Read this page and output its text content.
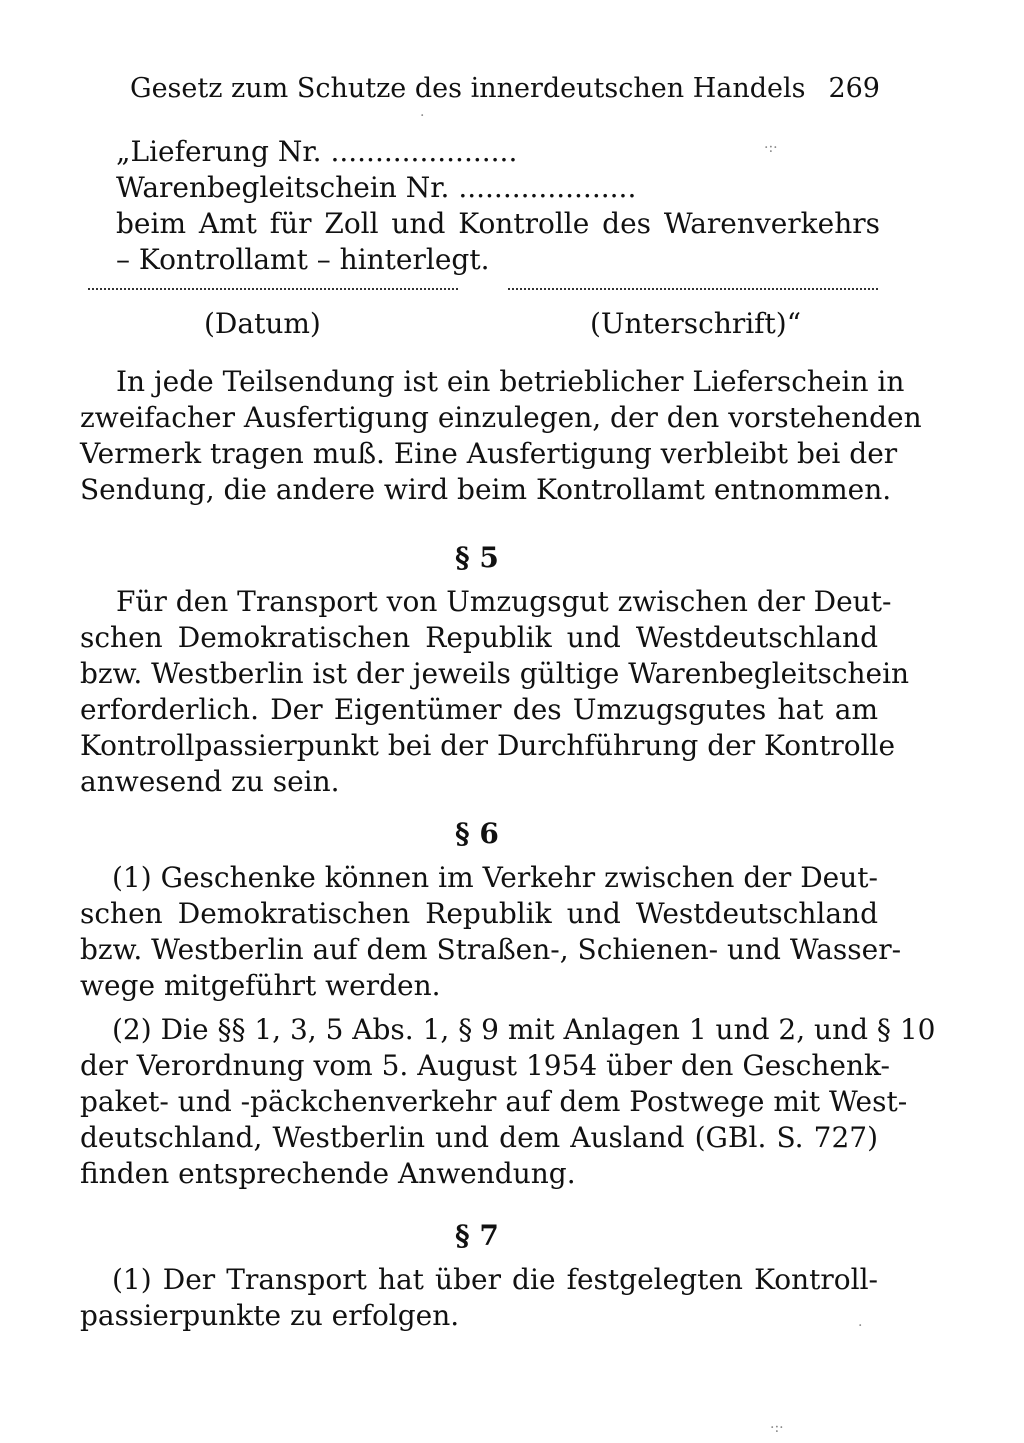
Gesetz zum Schutze des innerdeutschen Handels 269
„Lieferung Nr. .....................
Warenbegleitschein Nr. ....................
beim Amt für Zoll und Kontrolle des Warenverkehrs
– Kontrollamt – hinterlegt.
(Datum)	(Unterschrift)“
In jede Teilsendung ist ein betrieblicher Lieferschein in
zweifacher Ausfertigung einzulegen, der den vorstehenden
Vermerk tragen muß. Eine Ausfertigung verbleibt bei der
Sendung, die andere wird beim Kontrollamt entnommen.
§ 5
Für den Transport von Umzugsgut zwischen der Deut-
schen Demokratischen Republik und Westdeutschland
bzw. Westberlin ist der jeweils gültige Warenbegleitschein
erforderlich. Der Eigentümer des Umzugsgutes hat am
Kontrollpassierpunkt bei der Durchführung der Kontrolle
anwesend zu sein.
§ 6
(1) Geschenke können im Verkehr zwischen der Deut-
schen Demokratischen Republik und Westdeutschland
bzw. Westberlin auf dem Straßen-, Schienen- und Wasser-
wege mitgeführt werden.
(2) Die §§ 1, 3, 5 Abs. 1, § 9 mit Anlagen 1 und 2, und § 10
der Verordnung vom 5. August 1954 über den Geschenk-
paket- und -päckchenverkehr auf dem Postwege mit West-
deutschland, Westberlin und dem Ausland (GBl. S. 727)
finden entsprechende Anwendung.
§ 7
(1) Der Transport hat über die festgelegten Kontroll-
passierpunkte zu erfolgen.
·:·
·
·:·
·
